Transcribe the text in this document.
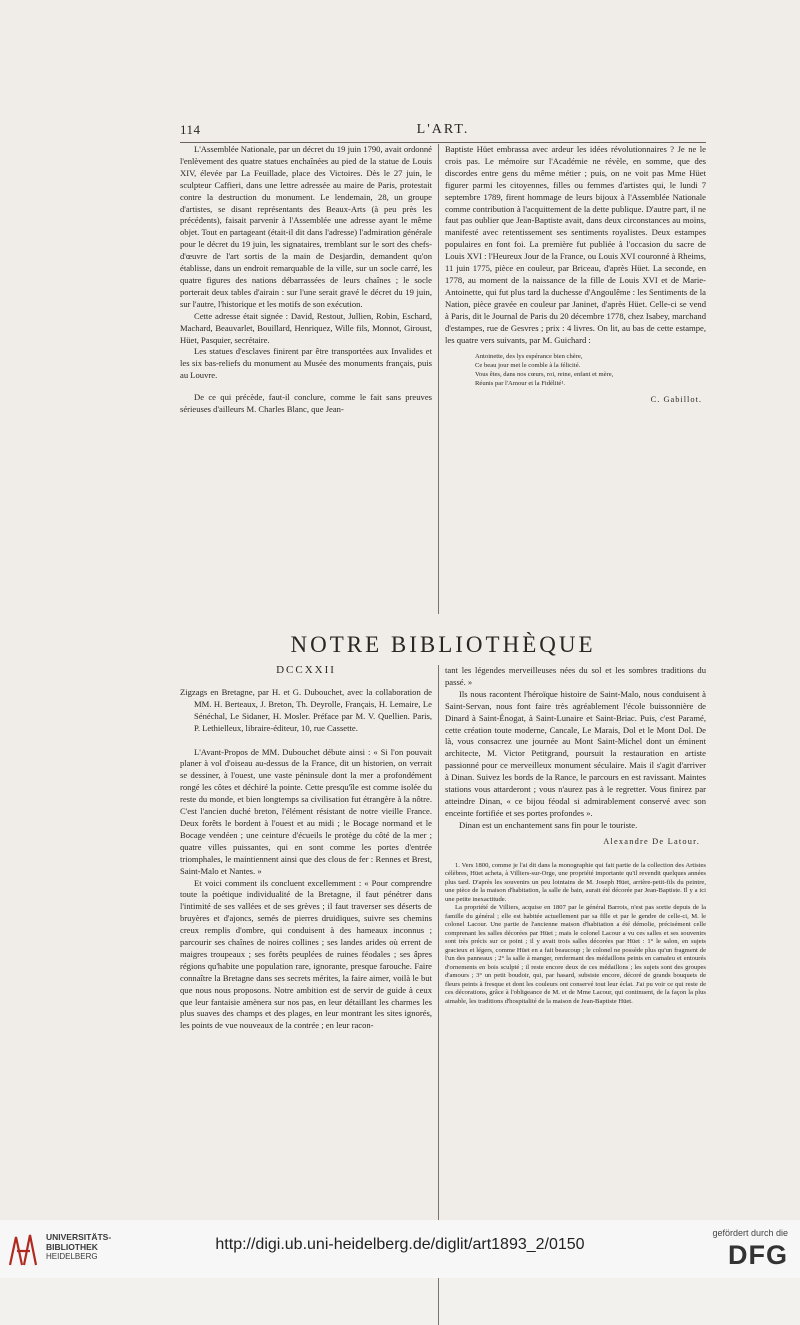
114	L'ART.

L'Assemblée Nationale, par un décret du 19 juin 1790, avait ordonné l'enlèvement des quatre statues enchaînées au pied de la statue de Louis XIV, élevée par La Feuillade, place des Victoires. Dès le 27 juin, le sculpteur Caffieri, dans une lettre adressée au maire de Paris, protestait contre la destruction du monument. Le lendemain, 28, un groupe d'artistes, se disant représentants des Beaux-Arts (à peu près les précédents), faisait parvenir à l'Assemblée une adresse ayant le même objet. Tout en partageant (était-il dit dans l'adresse) l'admiration générale pour le décret du 19 juin, les signataires, tremblant sur le sort des chefs-d'œuvre de l'art sortis de la main de Desjardin, demandent qu'on établisse, dans un endroit remarquable de la ville, sur un socle carré, les quatre figures des nations débarrassées de leurs chaînes ; le socle porterait deux tables d'airain : sur l'une serait gravé le décret du 19 juin, sur l'autre, l'historique et les motifs de son exécution.

Cette adresse était signée : David, Restout, Jullien, Robin, Eschard, Machard, Beauvarlet, Bouillard, Henriquez, Wille fils, Monnot, Giroust, Hüet, Pasquier, secrétaire.

Les statues d'esclaves finirent par être transportées aux Invalides et les six bas-reliefs du monument au Musée des monuments français, puis au Louvre.

De ce qui précède, faut-il conclure, comme le fait sans preuves sérieuses d'ailleurs M. Charles Blanc, que Jean-

Baptiste Hüet embrassa avec ardeur les idées révolutionnaires ? Je ne le crois pas. Le mémoire sur l'Académie ne révèle, en somme, que des discordes entre gens du même métier ; puis, on ne voit pas Mme Hüet figurer parmi les citoyennes, filles ou femmes d'artistes qui, le lundi 7 septembre 1789, firent hommage de leurs bijoux à l'Assemblée Nationale comme contribution à l'acquittement de la dette publique. D'autre part, il ne faut pas oublier que Jean-Baptiste avait, dans deux circonstances au moins, manifesté avec retentissement ses sentiments royalistes. Deux estampes populaires en font foi. La première fut publiée à l'occasion du sacre de Louis XVI : l'Heureux Jour de la France, ou Louis XVI couronné à Rheims, 11 juin 1775, pièce en couleur, par Briceau, d'après Hüet. La seconde, en 1778, au moment de la naissance de la fille de Louis XVI et de Marie-Antoinette, qui fut plus tard la duchesse d'Angoulême : les Sentiments de la Nation, pièce gravée en couleur par Janinet, d'après Hüet. Celle-ci se vend à Paris, dit le Journal de Paris du 20 décembre 1778, chez Isabey, marchand d'estampes, rue de Gesvres ; prix : 4 livres. On lit, au bas de cette estampe, les quatre vers suivants, par M. Guichard :

Antoinette, des lys espérance bien chère,
Ce beau jour met le comble à la félicité.
Vous êtes, dans nos cœurs, roi, reine, enfant et mère,
Réunis par l'Amour et la Fidélité¹.
C. Gabillot.
NOTRE BIBLIOTHÈQUE
DCCXXII

Zigzags en Bretagne, par H. et G. Dubouchet, avec la collaboration de MM. H. Berteaux, J. Breton, Th. Deyrolle, Français, H. Lemaire, Le Sénéchal, Le Sidaner, H. Mosler. Préface par M. V. Quellien. Paris, P. Lethielleux, libraire-éditeur, 10, rue Cassette.

L'Avant-Propos de MM. Dubouchet débute ainsi : « Si l'on pouvait planer à vol d'oiseau au-dessus de la France, dit un historien, on verrait se dessiner, à l'ouest, une vaste péninsule dont la mer a profondément rongé les côtes et déchiré la pointe. Cette presqu'île est comme isolée du reste du monde, et bien longtemps sa civilisation fut étrangère à la nôtre. C'est l'ancien duché breton, l'élément résistant de notre vieille France. Deux forêts le bordent à l'ouest et au midi ; le Bocage normand et le Bocage vendéen ; une ceinture d'écueils le protège du côté de la mer ; quatre villes puissantes, qui en sont comme les portes d'entrée triomphales, le maintiennent ainsi que des clous de fer : Rennes et Brest, Saint-Malo et Nantes. »

Et voici comment ils concluent excellemment : « Pour comprendre toute la poétique individualité de la Bretagne, il faut pénétrer dans l'intimité de ses vallées et de ses grèves ; il faut traverser ses déserts de bruyères et d'ajoncs, semés de pierres druidiques, suivre ses chemins creux remplis d'ombre, qui conduisent à des hameaux inconnus ; parcourir ses chaînes de noires collines ; ses landes arides où errent de maigres troupeaux ; ses forêts peuplées de ruines féodales ; ses âpres régions qu'habite une population rare, ignorante, presque farouche. Faire connaître la Bretagne dans ses secrets mérites, la faire aimer, voilà le but que nous nous proposons. Notre ambition est de servir de guide à ceux que leur fantaisie amènera sur nos pas, en leur détaillant les charmes les plus suaves des champs et des plages, en leur montrant les sites ignorés, les points de vue nouveaux de la contrée ; en leur racon-

tant les légendes merveilleuses nées du sol et les sombres traditions du passé. »

Ils nous racontent l'héroïque histoire de Saint-Malo, nous conduisent à Saint-Servan, nous font faire très agréablement l'école buissonnière de Dinard à Saint-Énogat, à Saint-Lunaire et Saint-Briac. Puis, c'est Paramé, cette création toute moderne, Cancale, Le Marais, Dol et le Mont Dol. De là, vous consacrez une journée au Mont Saint-Michel dont un éminent architecte, M. Victor Petitgrand, poursuit la restauration en artiste passionné pour ce merveilleux monument séculaire. Mais il s'agit d'arriver à Dinan. Suivez les bords de la Rance, le parcours en est ravissant. Maintes stations vous attarderont ; vous n'aurez pas à le regretter. Vous finirez par atteindre Dinan, « ce bijou féodal si admirablement conservé avec son enceinte fortifiée et ses portes profondes ».

Dinan est un enchantement sans fin pour le touriste.

Alexandre De Latour.

1. Vers 1800, comme je l'ai dit dans la monographie qui fait partie de la collection des Artistes célèbres, Hüet acheta, à Villiers-sur-Orge, une propriété importante qu'il revendit quelques années plus tard. D'après les souvenirs un peu lointains de M. Joseph Hüet, arrière-petit-fils du peintre, une pièce de la maison d'habitation, la salle de bain, aurait été décorée par Jean-Baptiste. Il y a ici une petite inexactitude.

La propriété de Villiers, acquise en 1807 par le général Barrois, n'est pas sortie depuis de la famille du général ; elle est habitée actuellement par sa fille et par le gendre de celle-ci, M. le colonel Lacour. Une partie de l'ancienne maison d'habitation a été démolie, précisément celle comprenant les salles décorées par Hüet ; mais le colonel Lacour a vu ces salles et ses souvenirs sont très précis sur ce point ; il y avait trois salles décorées par Hüet : 1° le salon, en sujets gracieux et légers, comme Hüet en a fait beaucoup ; le colonel ne possède plus qu'un fragment de l'un des panneaux ; 2° la salle à manger, renfermant des médaillons peints en camaïeu et entourés d'ornements en bois sculpté ; il reste encore deux de ces médaillons ; les sujets sont des groupes d'amours ; 3° un petit boudoir, qui, par hasard, subsiste encore, décoré de grands bouquets de fleurs peints à fresque et dont les couleurs ont conservé tout leur éclat. J'ai pu voir ce qui reste de ces décorations, grâce à l'obligeance de M. et de Mme Lacour, qui continuent, de la façon la plus aimable, les traditions d'hospitalité de la maison de Jean-Baptiste Hüet.

UNIVERSITÄTS-
BIBLIOTHEK
HEIDELBERG
http://digi.ub.uni-heidelberg.de/diglit/art1893_2/0150
gefördert durch die
DFG
